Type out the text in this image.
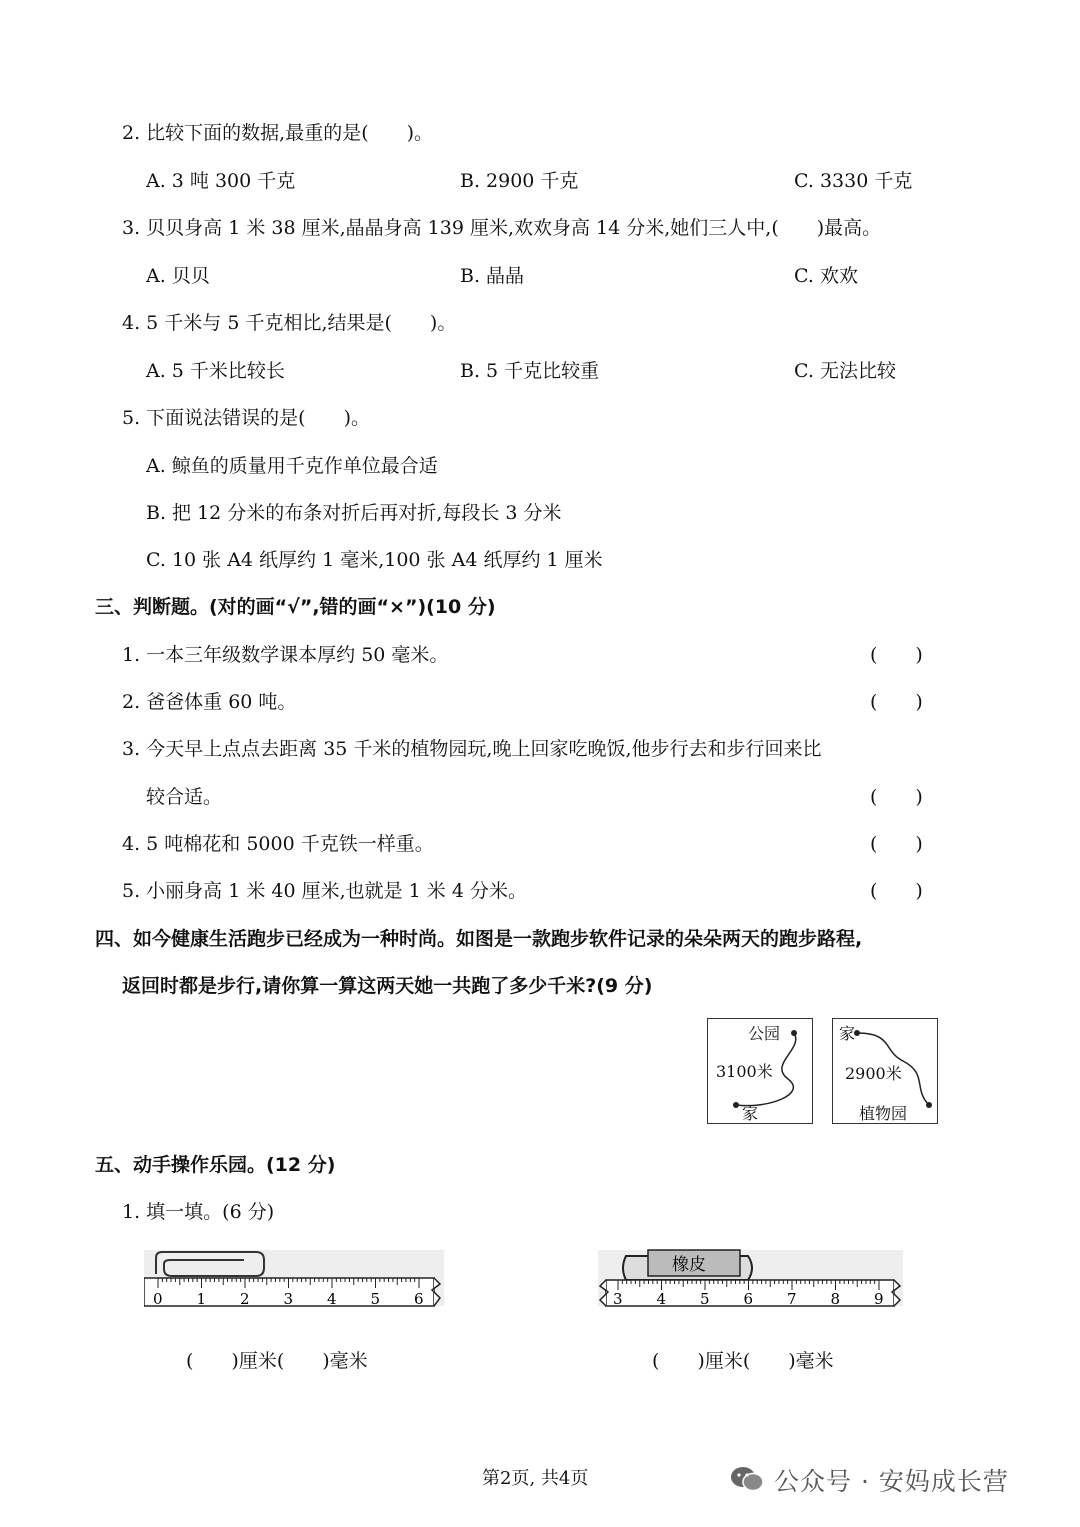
2. 比较下面的数据,最重的是(　　)。
A. 3 吨 300 千克	B. 2900 千克	C. 3330 千克
3. 贝贝身高 1 米 38 厘米,晶晶身高 139 厘米,欢欢身高 14 分米,她们三人中,(　　)最高。
A. 贝贝	B. 晶晶	C. 欢欢
4. 5 千米与 5 千克相比,结果是(　　)。
A. 5 千米比较长	B. 5 千克比较重	C. 无法比较
5. 下面说法错误的是(　　)。
A. 鲸鱼的质量用千克作单位最合适
B. 把 12 分米的布条对折后再对折,每段长 3 分米
C. 10 张 A4 纸厚约 1 毫米,100 张 A4 纸厚约 1 厘米
三、判断题。(对的画“√”,错的画“×”)(10 分)
1. 一本三年级数学课本厚约 50 毫米。	(　　)
2. 爸爸体重 60 吨。	(　　)
3. 今天早上点点去距离 35 千米的植物园玩,晚上回家吃晚饭,他步行去和步行回来比
较合适。	(　　)
4. 5 吨棉花和 5000 千克铁一样重。	(　　)
5. 小丽身高 1 米 40 厘米,也就是 1 米 4 分米。	(　　)
四、如今健康生活跑步已经成为一种时尚。如图是一款跑步软件记录的朵朵两天的跑步路程,
返回时都是步行,请你算一算这两天她一共跑了多少千米?(9 分)
公园
3100米
家
家
2900米
植物园
五、动手操作乐园。(12 分)
1. 填一填。(6 分)
0 1 2 3 4 5 6
橡皮
3 4 5 6 7 8 9
(　　)厘米(　　)毫米	(　　)厘米(　　)毫米
第2页, 共4页	公众号 · 安妈成长营
